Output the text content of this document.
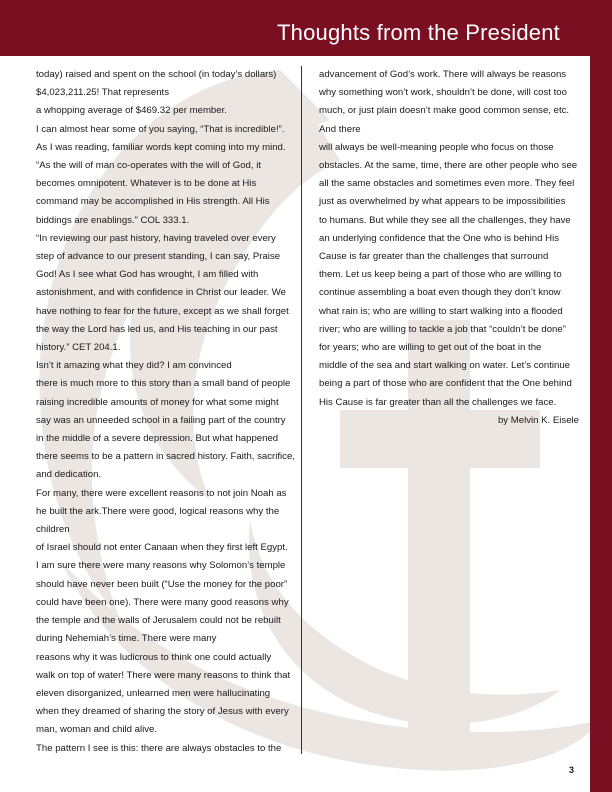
Thoughts from the President
today) raised and spent on the school (in today’s dollars)
$4,023,211.25! That represents
a whopping average of $469.32 per member.
I can almost hear some of you saying, “That is incredible!”.
As I was reading, familiar words kept coming into my mind.
“As the will of man co-operates with the will of God, it
becomes omnipotent. Whatever is to be done at His
command may be accomplished in His strength. All His
biddings are enablings.” COL 333.1.
“In reviewing our past history, having traveled over every
step of advance to our present standing, I can say, Praise
God! As I see what God has wrought, I am filled with
astonishment, and with confidence in Christ our leader. We
have nothing to fear for the future, except as we shall forget
the way the Lord has led us, and His teaching in our past
history.” CET 204.1.
Isn’t it amazing what they did? I am convinced
there is much more to this story than a small band of people
raising incredible amounts of money for what some might
say was an unneeded school in a failing part of the country
in the middle of a severe depression. But what happened
there seems to be a pattern in sacred history. Faith, sacrifice,
and dedication.
For many, there were excellent reasons to not join Noah as
he built the ark.There were good, logical reasons why the
children
of Israel should not enter Canaan when they first left Egypt.
I am sure there were many reasons why Solomon’s temple
should have never been built (“Use the money for the poor”
could have been one). There were many good reasons why
the temple and the walls of Jerusalem could not be rebuilt
during Nehemiah’s time. There were many
reasons why it was ludicrous to think one could actually
walk on top of water! There were many reasons to think that
eleven disorganized, unlearned men were hallucinating
when they dreamed of sharing the story of Jesus with every
man, woman and child alive.
The pattern I see is this: there are always obstacles to the
advancement of God’s work. There will always be reasons
why something won’t work, shouldn’t be done, will cost too
much, or just plain doesn’t make good common sense, etc.
And there
will always be well-meaning people who focus on those
obstacles. At the same, time, there are other people who see
all the same obstacles and sometimes even more. They feel
just as overwhelmed by what appears to be impossibilities
to humans. But while they see all the challenges, they have
an underlying confidence that the One who is behind His
Cause is far greater than the challenges that surround
them. Let us keep being a part of those who are willing to
continue assembling a boat even though they don’t know
what rain is; who are willing to start walking into a flooded
river; who are willing to tackle a job that “couldn’t be done”
for years; who are willing to get out of the boat in the
middle of the sea and start walking on water. Let’s continue
being a part of those who are confident that the One behind
His Cause is far greater than all the challenges we face.
by Melvin K. Eisele
3
